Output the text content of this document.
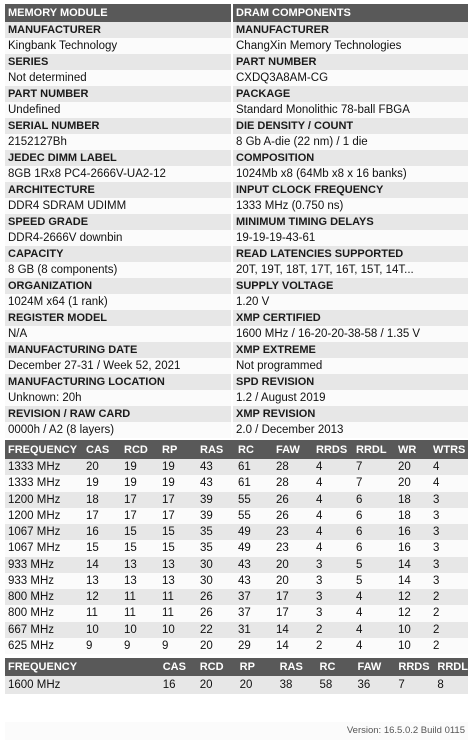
MEMORY MODULE
MANUFACTURER
Kingbank Technology
SERIES
Not determined
PART NUMBER
Undefined
SERIAL NUMBER
2152127Bh
JEDEC DIMM LABEL
8GB 1Rx8 PC4-2666V-UA2-12
ARCHITECTURE
DDR4 SDRAM UDIMM
SPEED GRADE
DDR4-2666V downbin
CAPACITY
8 GB (8 components)
ORGANIZATION
1024M x64 (1 rank)
REGISTER MODEL
N/A
MANUFACTURING DATE
December 27-31 / Week 52, 2021
MANUFACTURING LOCATION
Unknown: 20h
REVISION / RAW CARD
0000h / A2 (8 layers)
DRAM COMPONENTS
MANUFACTURER
ChangXin Memory Technologies
PART NUMBER
CXDQ3A8AM-CG
PACKAGE
Standard Monolithic 78-ball FBGA
DIE DENSITY / COUNT
8 Gb A-die (22 nm) / 1 die
COMPOSITION
1024Mb x8 (64Mb x8 x 16 banks)
INPUT CLOCK FREQUENCY
1333 MHz (0.750 ns)
MINIMUM TIMING DELAYS
19-19-19-43-61
READ LATENCIES SUPPORTED
20T, 19T, 18T, 17T, 16T, 15T, 14T...
SUPPLY VOLTAGE
1.20 V
XMP CERTIFIED
1600 MHz / 16-20-20-38-58 / 1.35 V
XMP EXTREME
Not programmed
SPD REVISION
1.2 / August 2019
XMP REVISION
2.0 / December 2013
FREQUENCY	CAS	RCD	RP	RAS	RC	FAW	RRDS	RRDL	WR	WTRS
1333 MHz	20	19	19	43	61	28	4	7	20	4
1333 MHz	19	19	19	43	61	28	4	7	20	4
1200 MHz	18	17	17	39	55	26	4	6	18	3
1200 MHz	17	17	17	39	55	26	4	6	18	3
1067 MHz	16	15	15	35	49	23	4	6	16	3
1067 MHz	15	15	15	35	49	23	4	6	16	3
933 MHz	14	13	13	30	43	20	3	5	14	3
933 MHz	13	13	13	30	43	20	3	5	14	3
800 MHz	12	11	11	26	37	17	3	4	12	2
800 MHz	11	11	11	26	37	17	3	4	12	2
667 MHz	10	10	10	22	31	14	2	4	10	2
625 MHz	9	9	9	20	29	14	2	4	10	2
FREQUENCY	CAS	RCD	RP	RAS	RC	FAW	RRDS	RRDL
1600 MHz	16	20	20	38	58	36	7	8
Version: 16.5.0.2 Build 0115
